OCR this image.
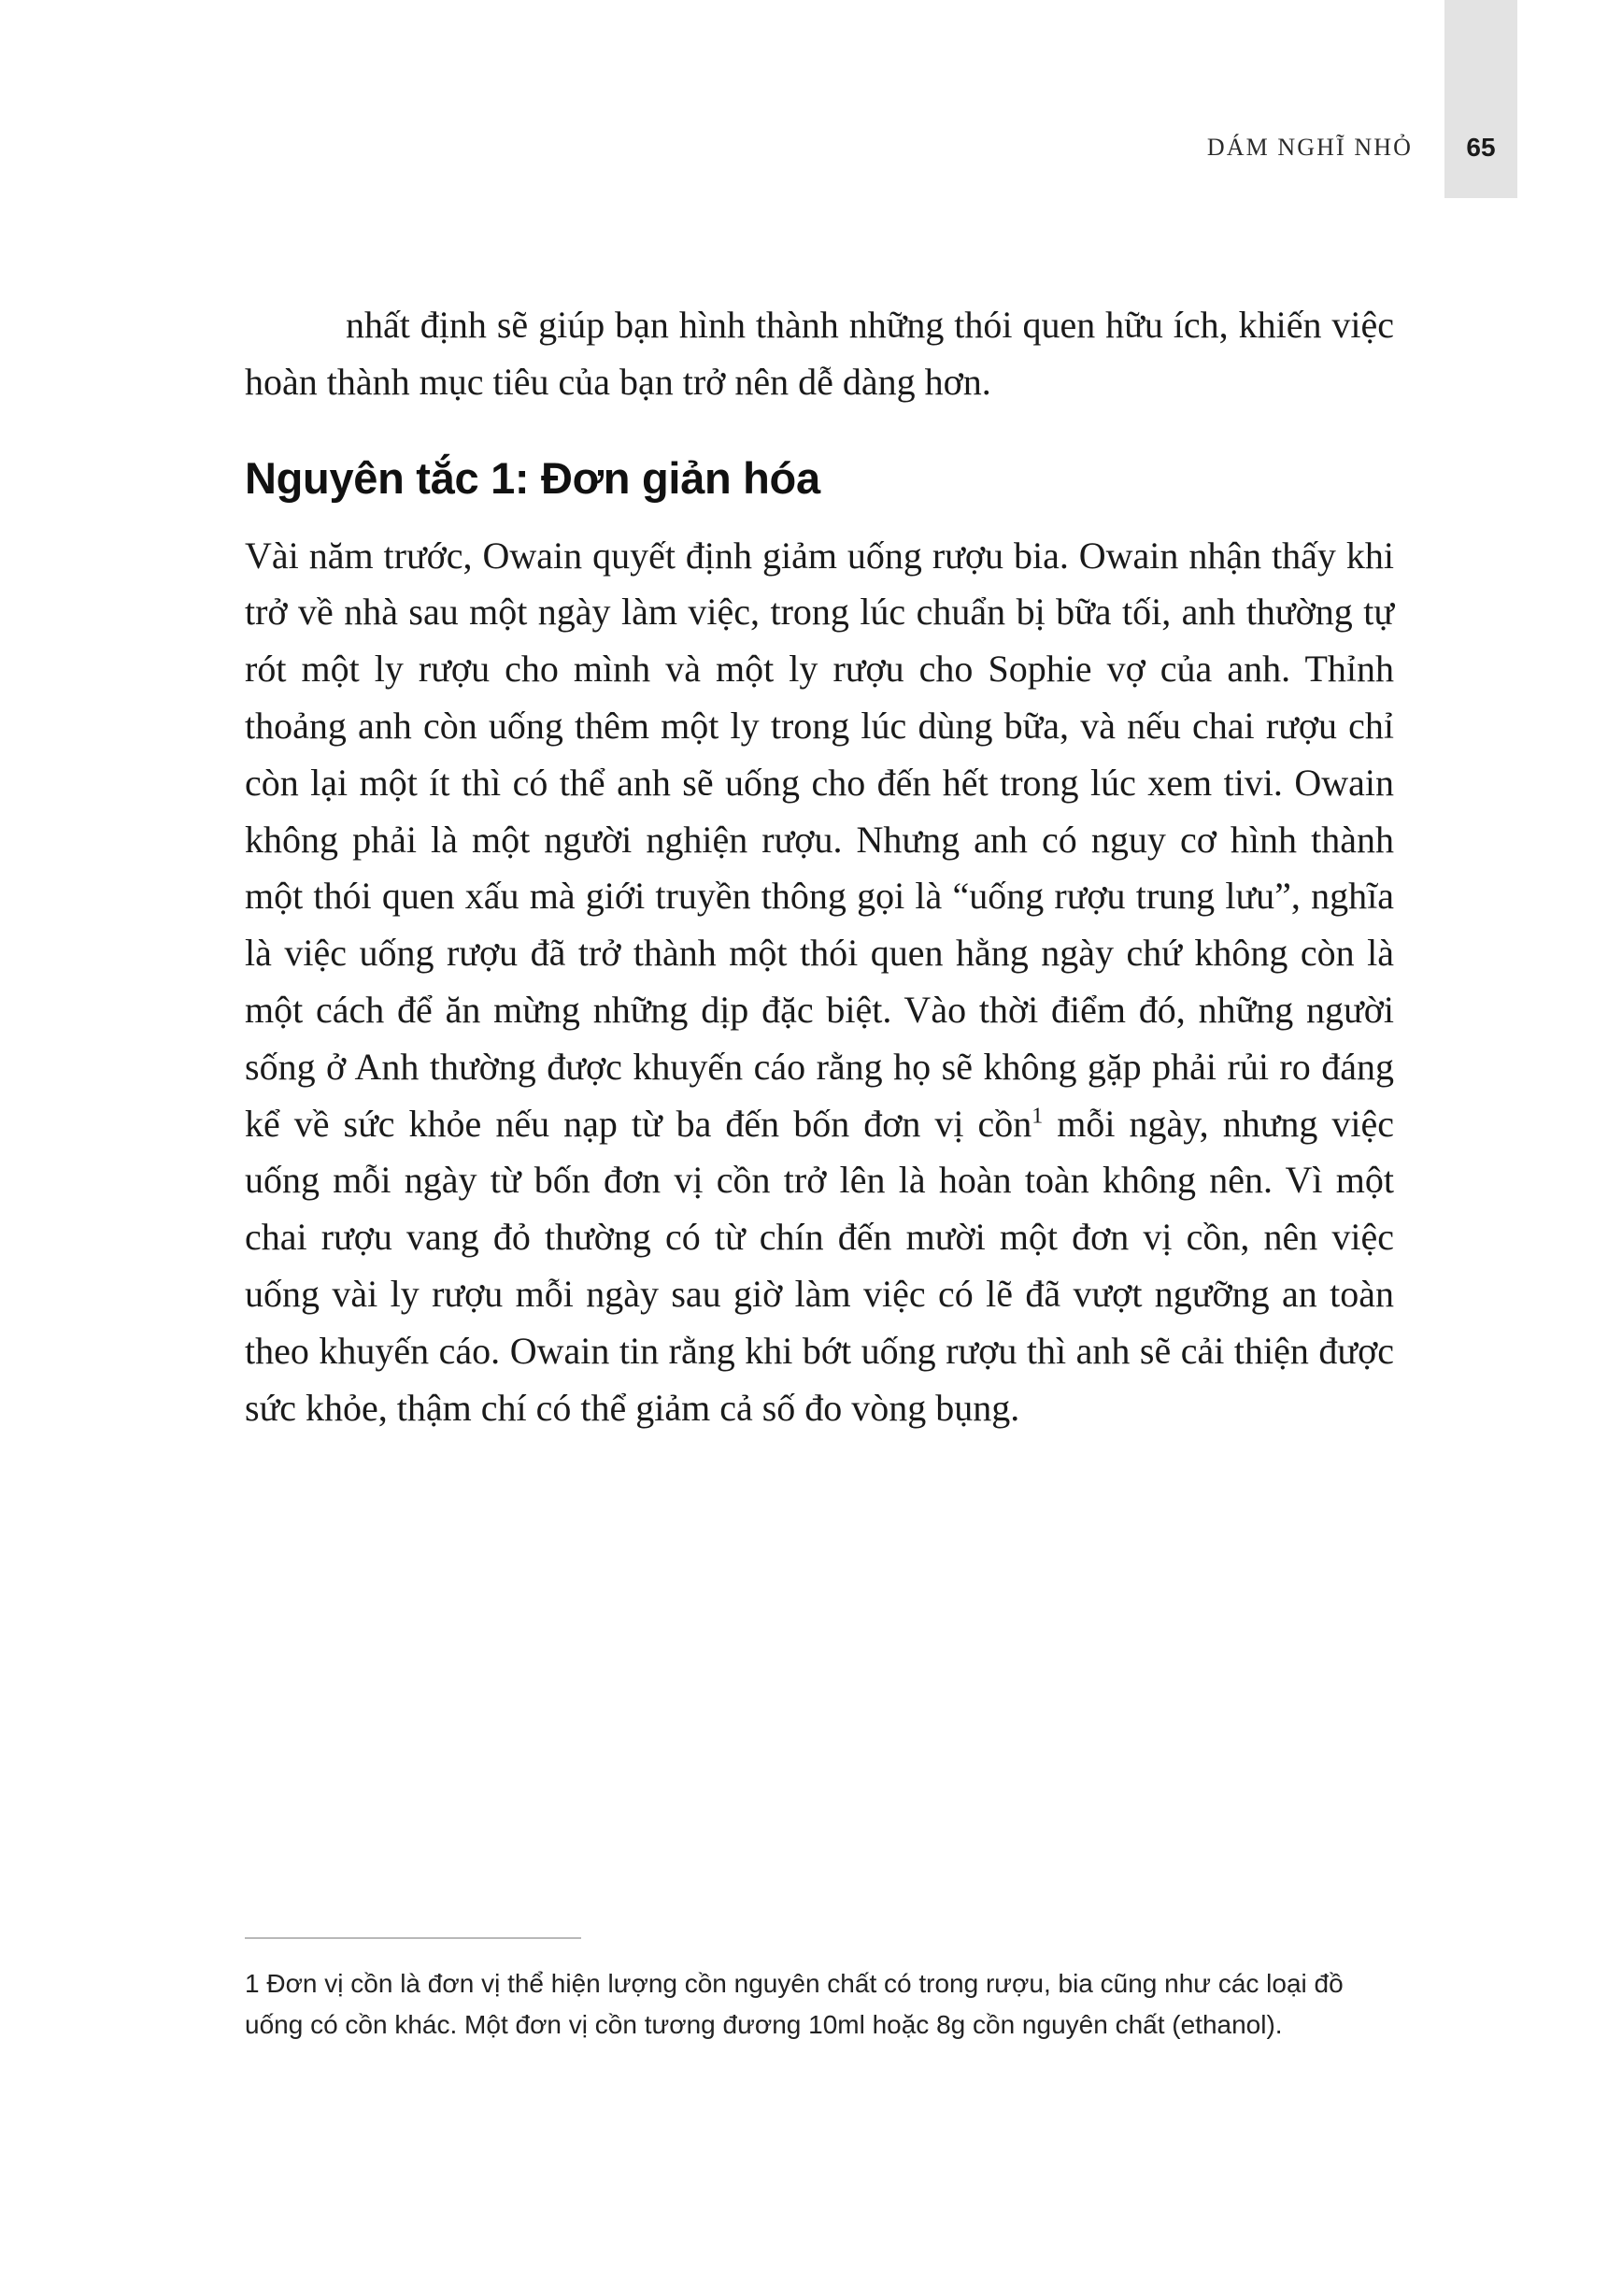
DÁM NGHĨ NHỎ	65

nhất định sẽ giúp bạn hình thành những thói quen hữu ích, khiến việc hoàn thành mục tiêu của bạn trở nên dễ dàng hơn.

Nguyên tắc 1: Đơn giản hóa

Vài năm trước, Owain quyết định giảm uống rượu bia. Owain nhận thấy khi trở về nhà sau một ngày làm việc, trong lúc chuẩn bị bữa tối, anh thường tự rót một ly rượu cho mình và một ly rượu cho Sophie vợ của anh. Thỉnh thoảng anh còn uống thêm một ly trong lúc dùng bữa, và nếu chai rượu chỉ còn lại một ít thì có thể anh sẽ uống cho đến hết trong lúc xem tivi. Owain không phải là một người nghiện rượu. Nhưng anh có nguy cơ hình thành một thói quen xấu mà giới truyền thông gọi là “uống rượu trung lưu”, nghĩa là việc uống rượu đã trở thành một thói quen hằng ngày chứ không còn là một cách để ăn mừng những dịp đặc biệt. Vào thời điểm đó, những người sống ở Anh thường được khuyến cáo rằng họ sẽ không gặp phải rủi ro đáng kể về sức khỏe nếu nạp từ ba đến bốn đơn vị cồn$^1$ mỗi ngày, nhưng việc uống mỗi ngày từ bốn đơn vị cồn trở lên là hoàn toàn không nên. Vì một chai rượu vang đỏ thường có từ chín đến mười một đơn vị cồn, nên việc uống vài ly rượu mỗi ngày sau giờ làm việc có lẽ đã vượt ngưỡng an toàn theo khuyến cáo. Owain tin rằng khi bớt uống rượu thì anh sẽ cải thiện được sức khỏe, thậm chí có thể giảm cả số đo vòng bụng.

1 Đơn vị cồn là đơn vị thể hiện lượng cồn nguyên chất có trong rượu, bia cũng như các loại đồ uống có cồn khác. Một đơn vị cồn tương đương 10ml hoặc 8g cồn nguyên chất (ethanol).
